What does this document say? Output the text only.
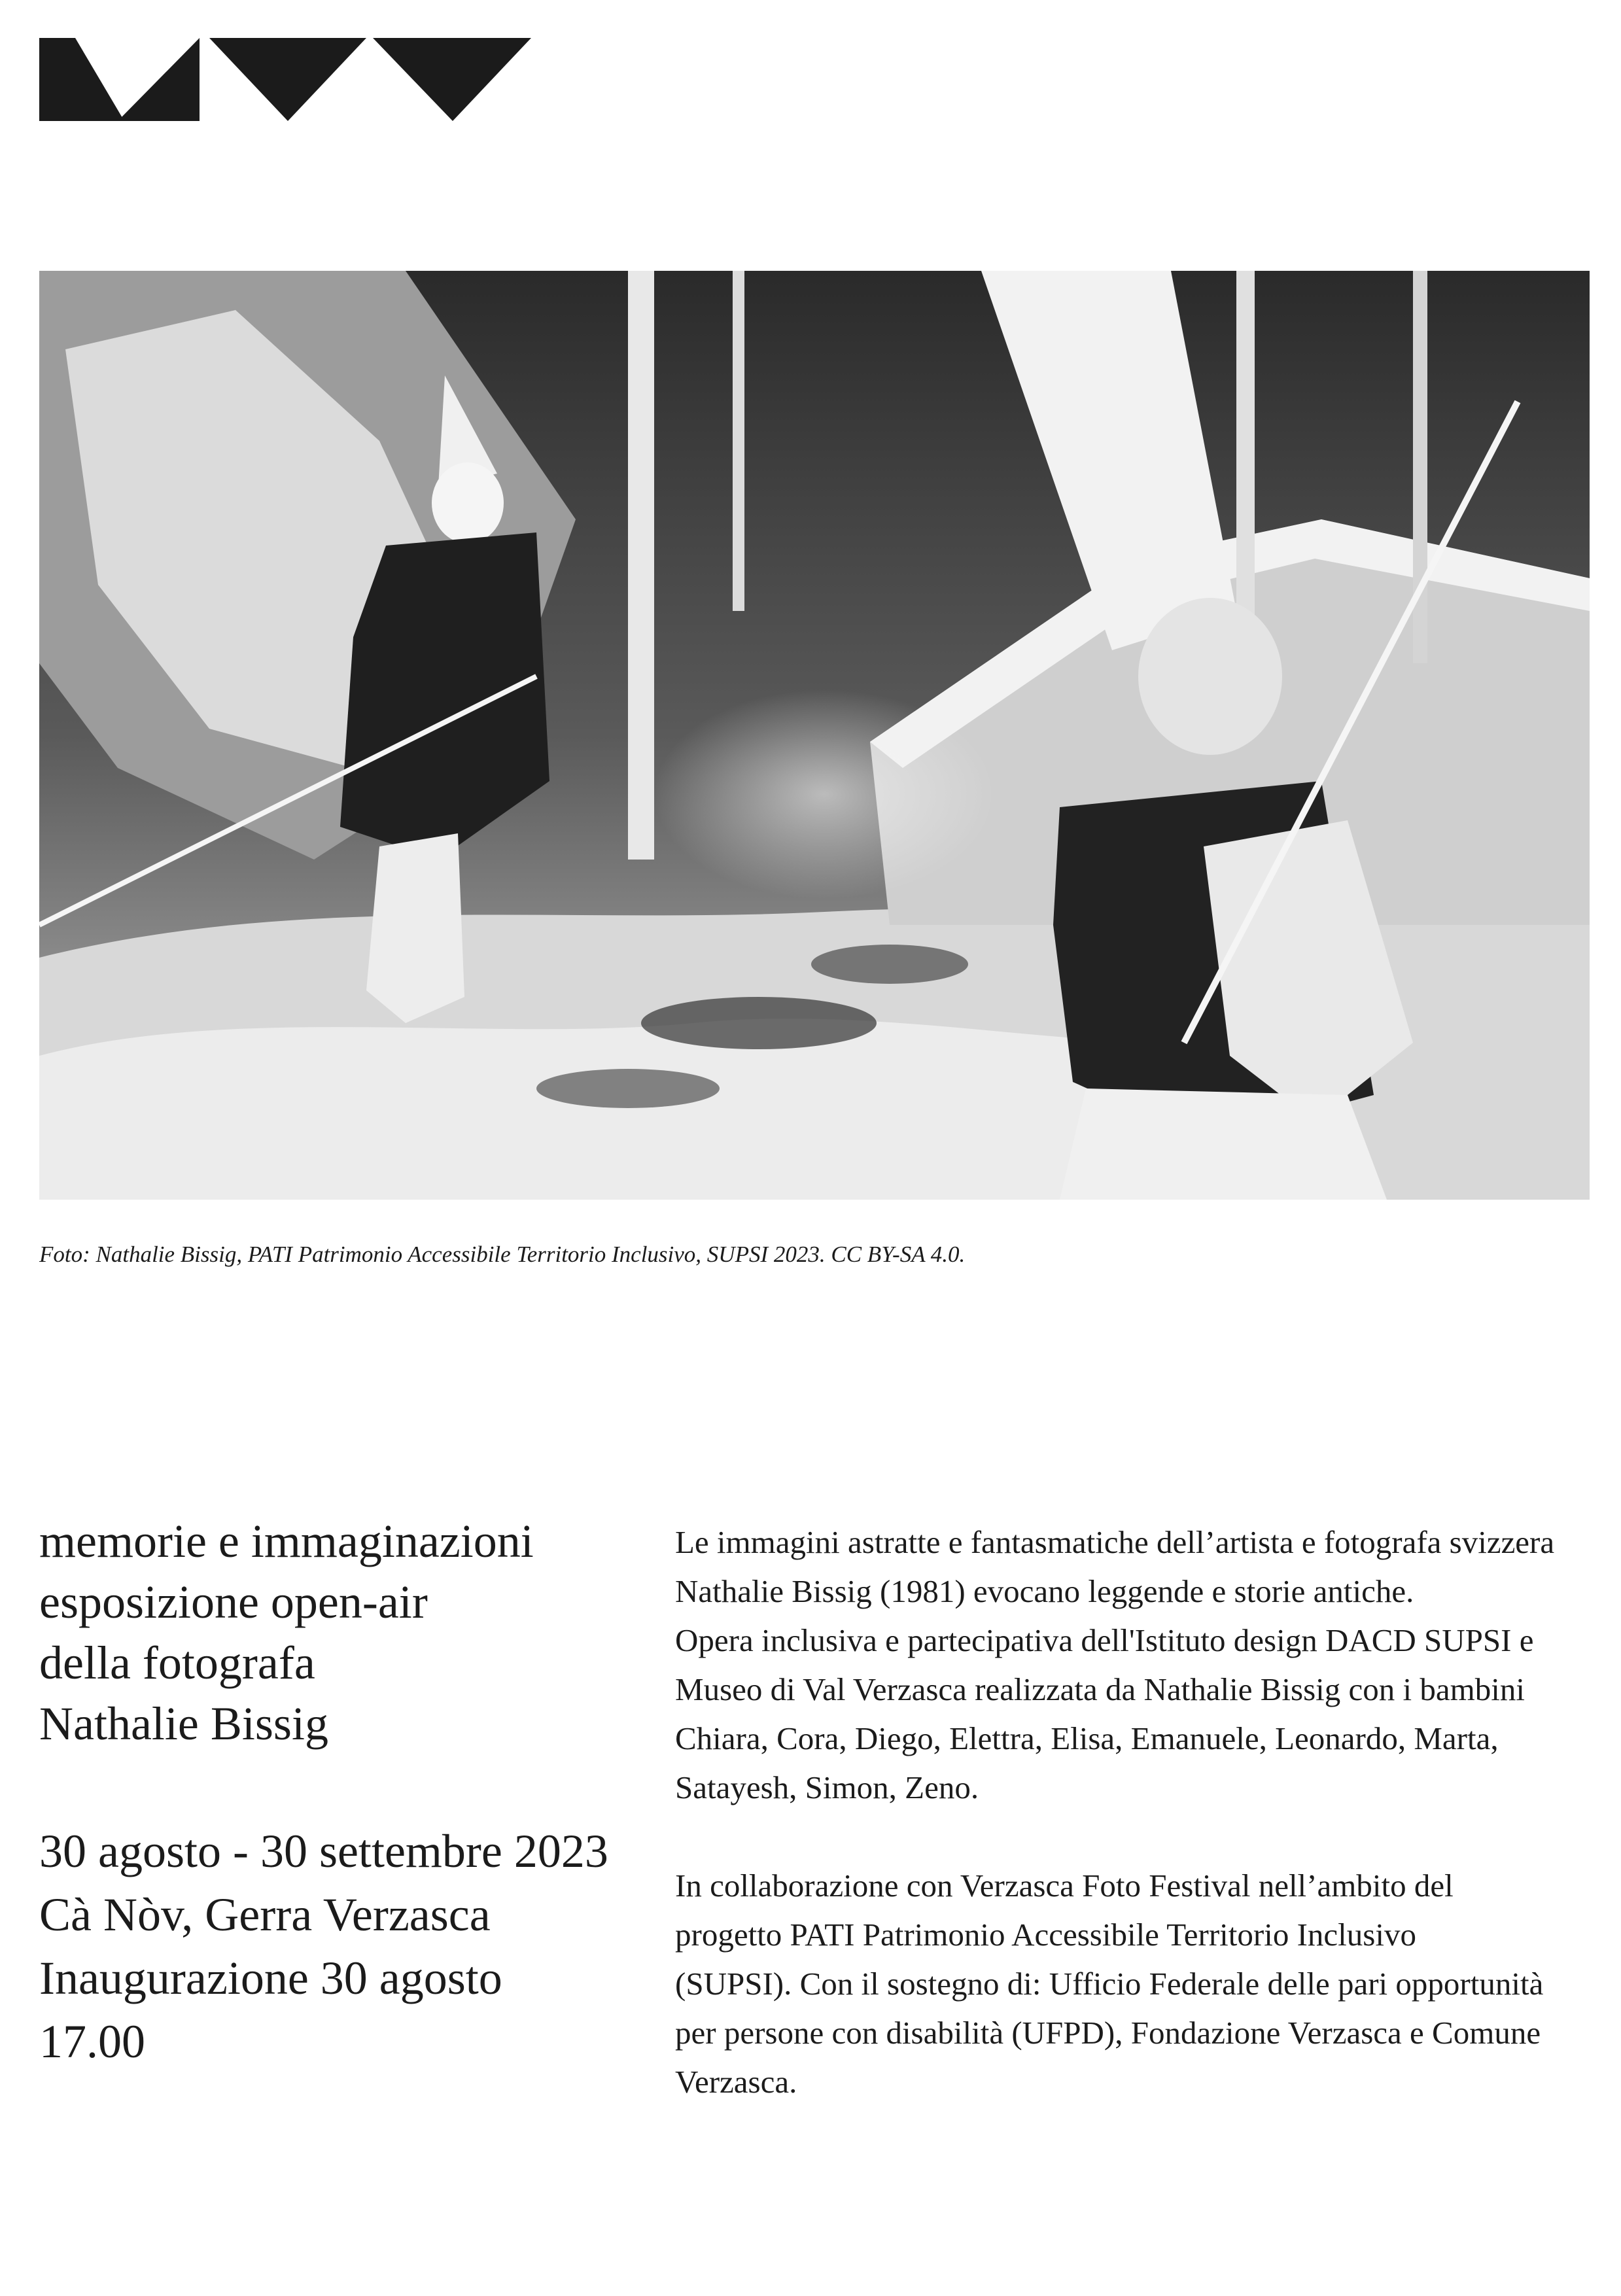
Foto: Nathalie Bissig, PATI Patrimonio Accessibile Territorio Inclusivo, SUPSI 2023. CC BY-SA 4.0.
memorie e immaginazioni
esposizione open-air
della fotografa
Nathalie Bissig
30 agosto - 30 settembre 2023
Cà Nòv, Gerra Verzasca
Inaugurazione 30 agosto
17.00

Le immagini astratte e fantasmatiche dell’artista e fotografa svizzera
Nathalie Bissig (1981) evocano leggende e storie antiche.
Opera inclusiva e partecipativa dell'Istituto design DACD SUPSI e
Museo di Val Verzasca realizzata da Nathalie Bissig con i bambini
Chiara, Cora, Diego, Elettra, Elisa, Emanuele, Leonardo, Marta,
Satayesh, Simon, Zeno.

In collaborazione con Verzasca Foto Festival nell’ambito del
progetto PATI Patrimonio Accessibile Territorio Inclusivo
(SUPSI). Con il sostegno di: Ufficio Federale delle pari opportunità
per persone con disabilità (UFPD), Fondazione Verzasca e Comune
Verzasca.
